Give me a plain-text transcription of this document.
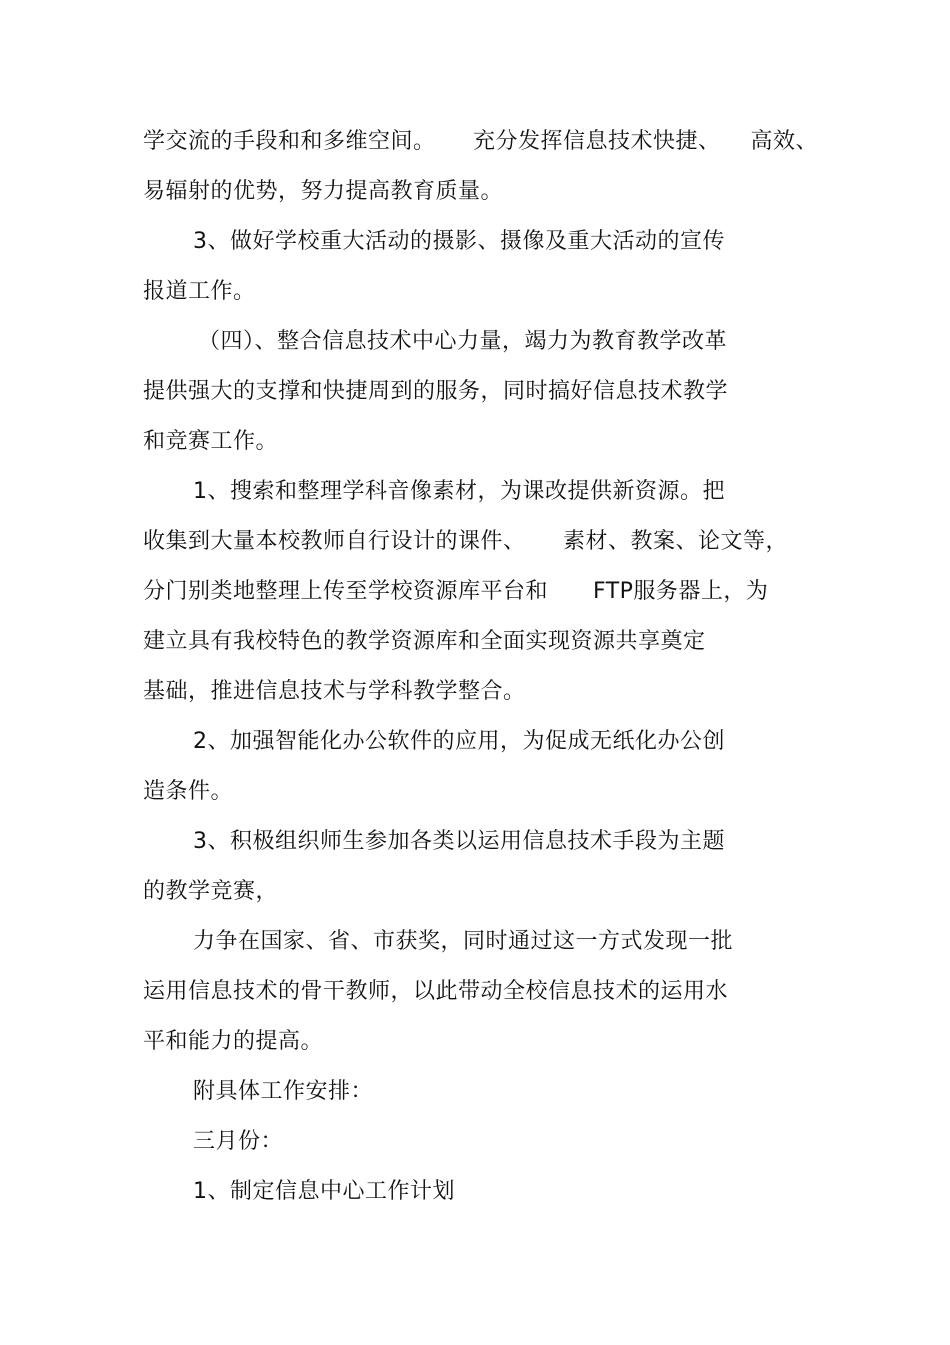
学交流的手段和和多维空间。     充分发挥信息技术快捷、    高效、
易辐射的优势，努力提高教育质量。
3、做好学校重大活动的摄影、摄像及重大活动的宣传
报道工作。
（四）、整合信息技术中心力量，竭力为教育教学改革
提供强大的支撑和快捷周到的服务，同时搞好信息技术教学
和竞赛工作。
1、搜索和整理学科音像素材，为课改提供新资源。把
收集到大量本校教师自行设计的课件、     素材、教案、论文等，
分门别类地整理上传至学校资源库平台和      FTP服务器上，为
建立具有我校特色的教学资源库和全面实现资源共享奠定
基础，推进信息技术与学科教学整合。
2、加强智能化办公软件的应用，为促成无纸化办公创
造条件。
3、积极组织师生参加各类以运用信息技术手段为主题
的教学竞赛，
力争在国家、省、市获奖，同时通过这一方式发现一批
运用信息技术的骨干教师，以此带动全校信息技术的运用水
平和能力的提高。
附具体工作安排：
三月份：
1、制定信息中心工作计划
